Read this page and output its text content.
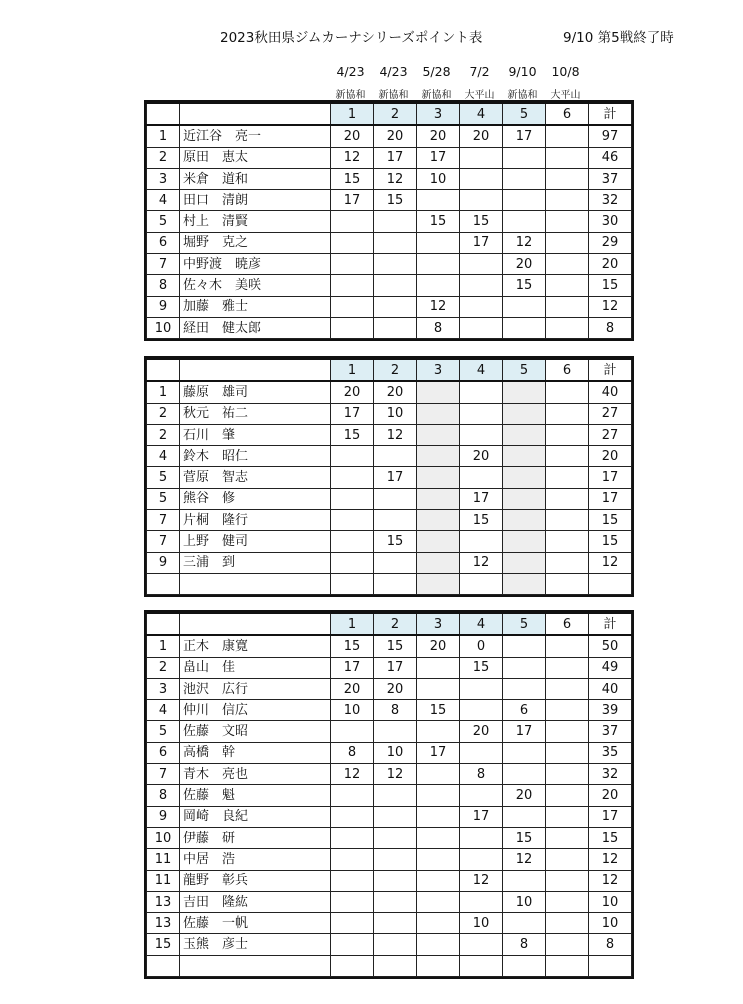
2023秋田県ジムカーナシリーズポイント表	9/10 第5戦終了時
4/23	4/23	5/28	7/2	9/10	10/8
新協和	新協和	新協和	大平山	新協和	大平山
		1	2	3	4	5	6	計
1	近江谷　亮一	20	20	20	20	17		97
2	原田　恵太	12	17	17				46
3	米倉　道和	15	12	10				37
4	田口　清朗	17	15					32
5	村上　清賢			15	15			30
6	堀野　克之				17	12		29
7	中野渡　暁彦					20		20
8	佐々木　美咲					15		15
9	加藤　雅士			12				12
10	経田　健太郎			8				8
		1	2	3	4	5	6	計
1	藤原　雄司	20	20					40
2	秋元　祐二	17	10					27
2	石川　肇	15	12					27
4	鈴木　昭仁				20			20
5	菅原　智志		17					17
5	熊谷　修				17			17
7	片桐　隆行				15			15
7	上野　健司		15					15
9	三浦　到				12			12

		1	2	3	4	5	6	計
1	正木　康寛	15	15	20	0			50
2	畠山　佳	17	17		15			49
3	池沢　広行	20	20					40
4	仲川　信広	10	8	15		6		39
5	佐藤　文昭				20	17		37
6	高橋　幹	8	10	17				35
7	青木　亮也	12	12		8			32
8	佐藤　魁					20		20
9	岡崎　良紀				17			17
10	伊藤　研					15		15
11	中居　浩					12		12
11	龍野　彰兵				12			12
13	吉田　隆紘					10		10
13	佐藤　一帆				10			10
15	玉熊　彦士					8		8
